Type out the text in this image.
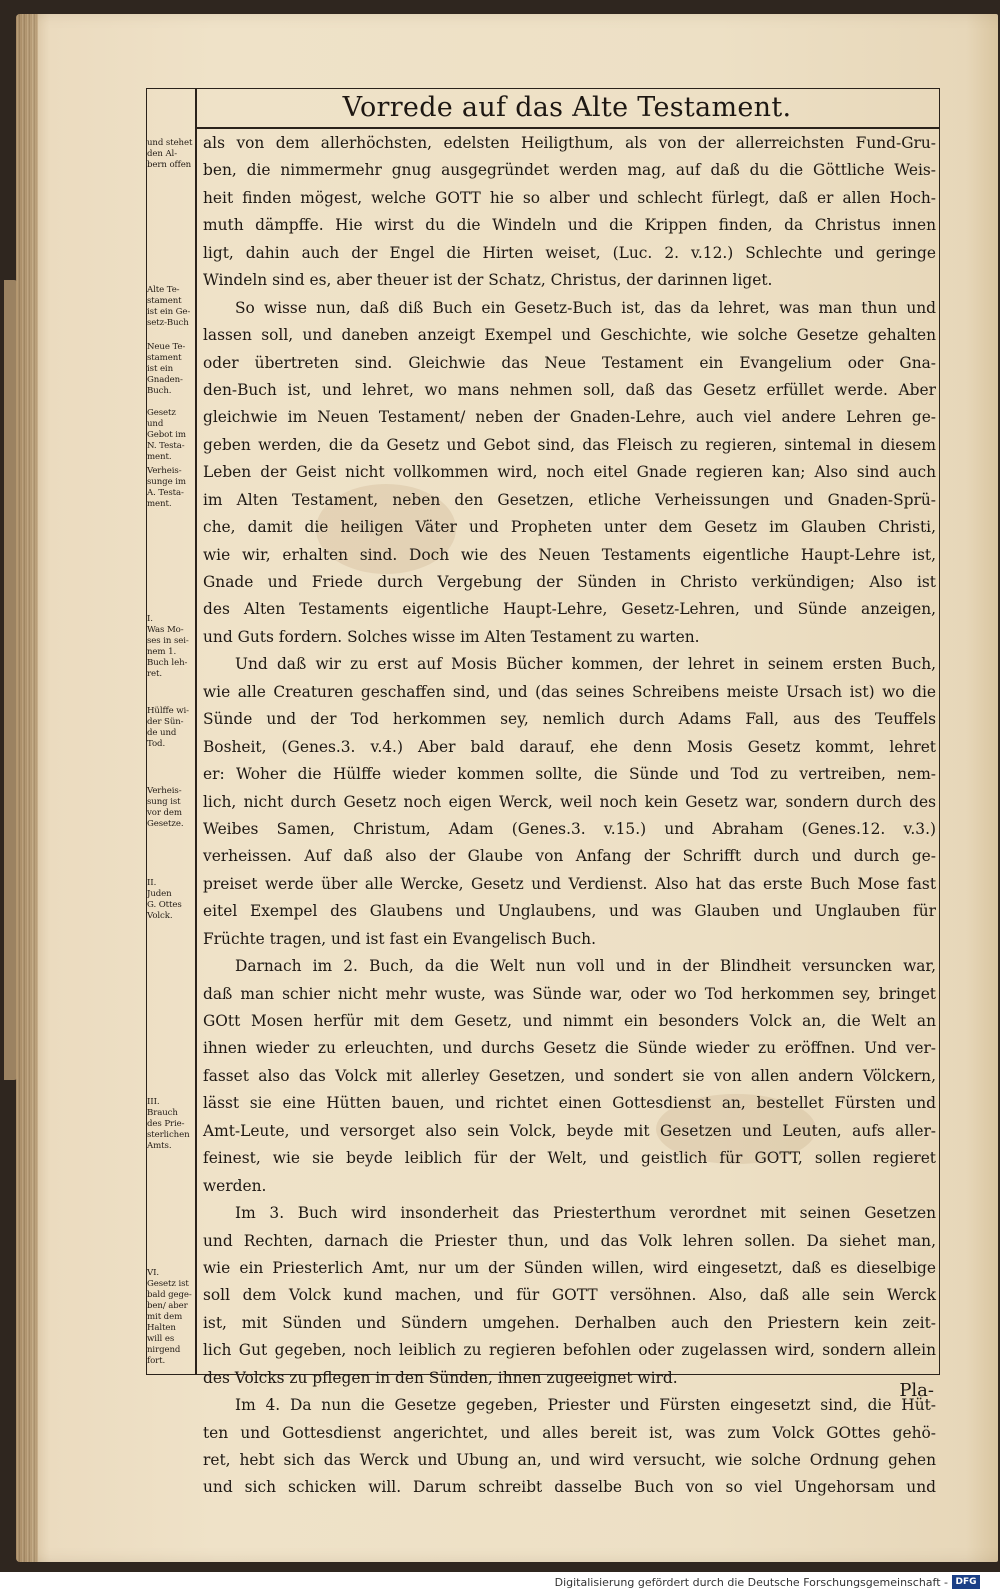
Vorrede auf das Alte Testament.
und stehet
den Al-
bern offen
Alte Te-
stament
ist ein Ge-
setz-Buch
Neue Te-
stament
ist ein
Gnaden-
Buch.
Gesetz und
Gebot im
N. Testa-
ment.
Verheis-
sunge im
A. Testa-
ment.
I.
Was Mo-
ses in sei-
nem 1.
Buch leh-
ret.
Hülffe wi-
der Sün-
de und
Tod.
Verheis-
sung ist
vor dem
Gesetze.
II.
Juden
G. Ottes
Volck.
III.
Brauch
des Prie-
sterlichen
Amts.
VI.
Gesetz ist
bald gege-
ben/ aber
mit dem
Halten
will es
nirgend
fort.
als von dem allerhöchsten, edelsten Heiligthum, als von der allerreichsten Fund-Gru-
ben, die nimmermehr gnug ausgegründet werden mag, auf daß du die Göttliche Weis-
heit finden mögest, welche GOTT hie so alber und schlecht fürlegt, daß er allen Hoch-
muth dämpffe. Hie wirst du die Windeln und die Krippen finden, da Christus innen
ligt, dahin auch der Engel die Hirten weiset, (Luc. 2. v.12.) Schlechte und geringe
Windeln sind es, aber theuer ist der Schatz, Christus, der darinnen liget.
So wisse nun, daß diß Buch ein Gesetz-Buch ist, das da lehret, was man thun und
lassen soll, und daneben anzeigt Exempel und Geschichte, wie solche Gesetze gehalten
oder übertreten sind. Gleichwie das Neue Testament ein Evangelium oder Gna-
den-Buch ist, und lehret, wo mans nehmen soll, daß das Gesetz erfüllet werde. Aber
gleichwie im Neuen Testament/ neben der Gnaden-Lehre, auch viel andere Lehren ge-
geben werden, die da Gesetz und Gebot sind, das Fleisch zu regieren, sintemal in diesem
Leben der Geist nicht vollkommen wird, noch eitel Gnade regieren kan; Also sind auch
im Alten Testament, neben den Gesetzen, etliche Verheissungen und Gnaden-Sprü-
che, damit die heiligen Väter und Propheten unter dem Gesetz im Glauben Christi,
wie wir, erhalten sind. Doch wie des Neuen Testaments eigentliche Haupt-Lehre ist,
Gnade und Friede durch Vergebung der Sünden in Christo verkündigen; Also ist
des Alten Testaments eigentliche Haupt-Lehre, Gesetz-Lehren, und Sünde anzeigen,
und Guts fordern. Solches wisse im Alten Testament zu warten.
Und daß wir zu erst auf Mosis Bücher kommen, der lehret in seinem ersten Buch,
wie alle Creaturen geschaffen sind, und (das seines Schreibens meiste Ursach ist) wo die
Sünde und der Tod herkommen sey, nemlich durch Adams Fall, aus des Teuffels
Bosheit, (Genes.3. v.4.) Aber bald darauf, ehe denn Mosis Gesetz kommt, lehret
er: Woher die Hülffe wieder kommen sollte, die Sünde und Tod zu vertreiben, nem-
lich, nicht durch Gesetz noch eigen Werck, weil noch kein Gesetz war, sondern durch des
Weibes Samen, Christum, Adam (Genes.3. v.15.) und Abraham (Genes.12. v.3.)
verheissen. Auf daß also der Glaube von Anfang der Schrifft durch und durch ge-
preiset werde über alle Wercke, Gesetz und Verdienst. Also hat das erste Buch Mose fast
eitel Exempel des Glaubens und Unglaubens, und was Glauben und Unglauben für
Früchte tragen, und ist fast ein Evangelisch Buch.
Darnach im 2. Buch, da die Welt nun voll und in der Blindheit versuncken war,
daß man schier nicht mehr wuste, was Sünde war, oder wo Tod herkommen sey, bringet
GOtt Mosen herfür mit dem Gesetz, und nimmt ein besonders Volck an, die Welt an
ihnen wieder zu erleuchten, und durchs Gesetz die Sünde wieder zu eröffnen. Und ver-
fasset also das Volck mit allerley Gesetzen, und sondert sie von allen andern Völckern,
lässt sie eine Hütten bauen, und richtet einen Gottesdienst an, bestellet Fürsten und
Amt-Leute, und versorget also sein Volck, beyde mit Gesetzen und Leuten, aufs aller-
feinest, wie sie beyde leiblich für der Welt, und geistlich für GOTT, sollen regieret
werden.
Im 3. Buch wird insonderheit das Priesterthum verordnet mit seinen Gesetzen
und Rechten, darnach die Priester thun, und das Volk lehren sollen. Da siehet man,
wie ein Priesterlich Amt, nur um der Sünden willen, wird eingesetzt, daß es dieselbige
soll dem Volck kund machen, und für GOTT versöhnen. Also, daß alle sein Werck
ist, mit Sünden und Sündern umgehen. Derhalben auch den Priestern kein zeit-
lich Gut gegeben, noch leiblich zu regieren befohlen oder zugelassen wird, sondern allein
des Volcks zu pflegen in den Sünden, ihnen zugeeignet wird.
Im 4. Da nun die Gesetze gegeben, Priester und Fürsten eingesetzt sind, die Hüt-
ten und Gottesdienst angerichtet, und alles bereit ist, was zum Volck GOttes gehö-
ret, hebt sich das Werck und Ubung an, und wird versucht, wie solche Ordnung gehen
und sich schicken will. Darum schreibt dasselbe Buch von so viel Ungehorsam und
Pla-
Digitalisierung gefördert durch die Deutsche Forschungsgemeinschaft - DFG
